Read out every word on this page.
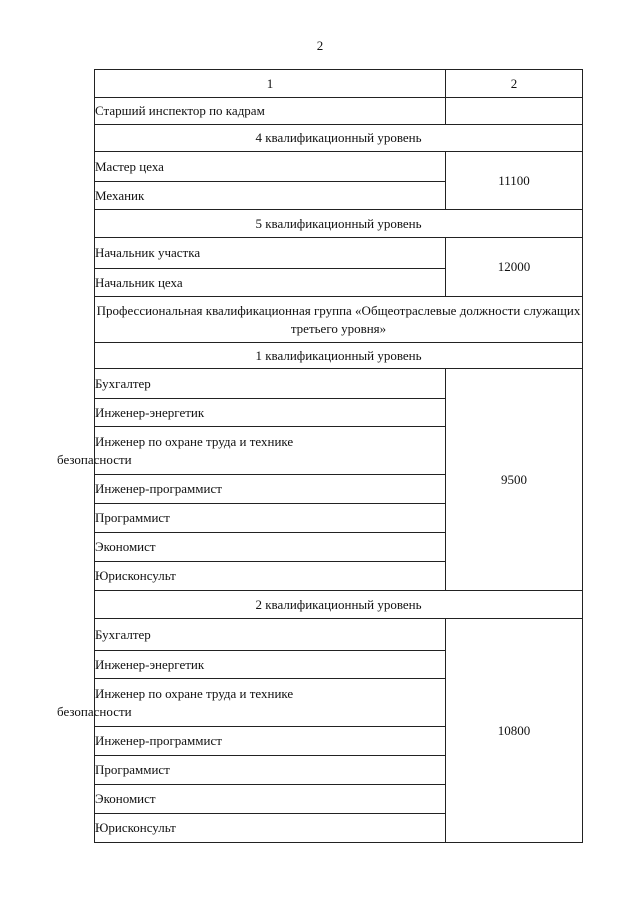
2
1	2
Старший инспектор по кадрам	
4 квалификационный уровень	
Мастер цеха	11100
Механик	
5 квалификационный уровень	
Начальник участка	12000
Начальник цеха	
Профессиональная квалификационная группа «Общеотраслевые должности служащих третьего уровня»	
1 квалификационный уровень	
Бухгалтер	9500
Инженер-энергетик	

Инженер по охране труда и технике
безопасности	

Инженер-программист	
Программист	
Экономист	
Юрисконсульт	
2 квалификационный уровень	
Бухгалтер	10800
Инженер-энергетик	

Инженер по охране труда и технике
безопасности	

Инженер-программист	
Программист	
Экономист	
Юрисконсульт	
